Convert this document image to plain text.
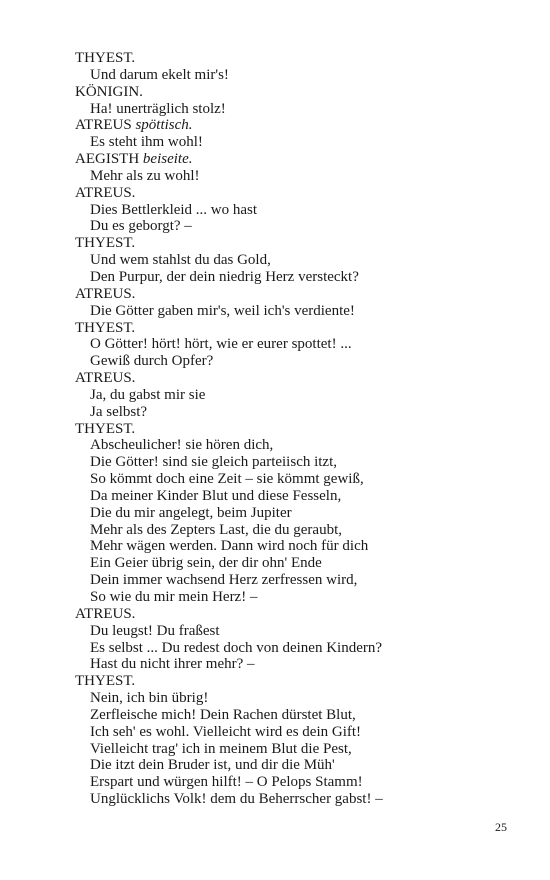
THYEST.
Und darum ekelt mir's!
KÖNIGIN.
Ha! unerträglich stolz!
ATREUS spöttisch.
Es steht ihm wohl!
AEGISTH beiseite.
Mehr als zu wohl!
ATREUS.
Dies Bettlerkleid ... wo hast
Du es geborgt? –
THYEST.
Und wem stahlst du das Gold,
Den Purpur, der dein niedrig Herz versteckt?
ATREUS.
Die Götter gaben mir's, weil ich's verdiente!
THYEST.
O Götter! hört! hört, wie er eurer spottet! ...
Gewiß durch Opfer?
ATREUS.
Ja, du gabst mir sie
Ja selbst?
THYEST.
Abscheulicher! sie hören dich,
Die Götter! sind sie gleich parteiisch itzt,
So kömmt doch eine Zeit – sie kömmt gewiß,
Da meiner Kinder Blut und diese Fesseln,
Die du mir angelegt, beim Jupiter
Mehr als des Zepters Last, die du geraubt,
Mehr wägen werden. Dann wird noch für dich
Ein Geier übrig sein, der dir ohn' Ende
Dein immer wachsend Herz zerfressen wird,
So wie du mir mein Herz! –
ATREUS.
Du leugst! Du fraßest
Es selbst ... Du redest doch von deinen Kindern?
Hast du nicht ihrer mehr? –
THYEST.
Nein, ich bin übrig!
Zerfleische mich! Dein Rachen dürstet Blut,
Ich seh' es wohl. Vielleicht wird es dein Gift!
Vielleicht trag' ich in meinem Blut die Pest,
Die itzt dein Bruder ist, und dir die Müh'
Erspart und würgen hilft! – O Pelops Stamm!
Unglücklichs Volk! dem du Beherrscher gabst! –
25
